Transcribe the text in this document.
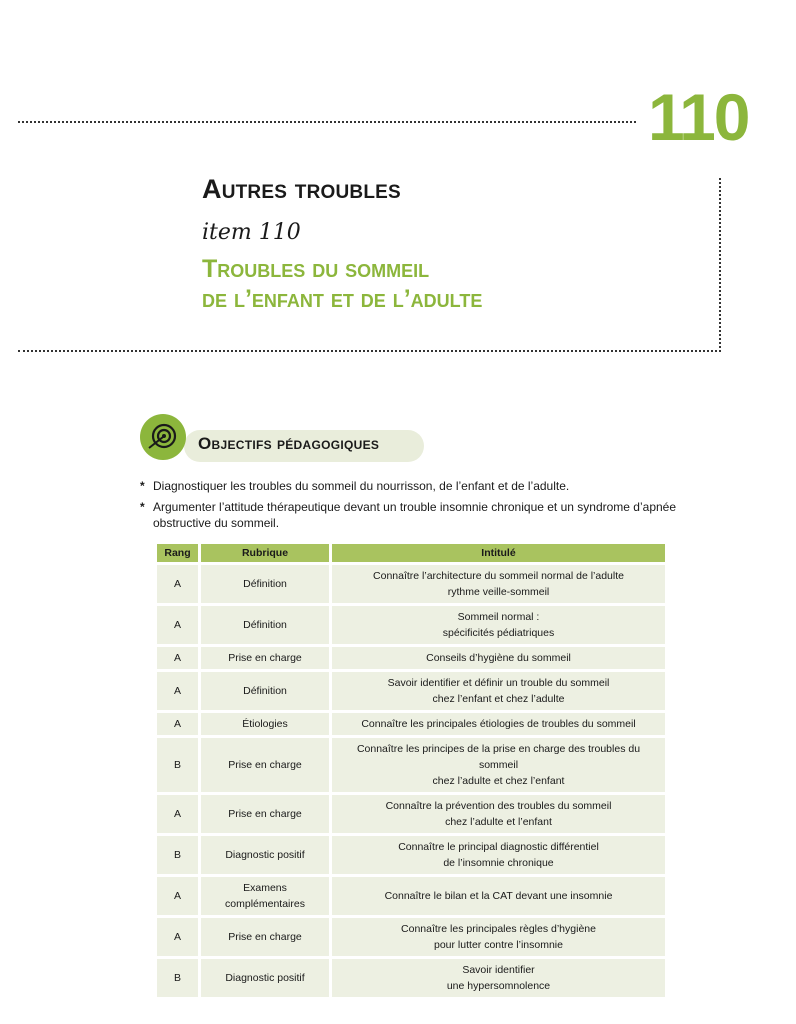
110
Autres troubles
item 110
Troubles du sommeil
de l’enfant et de l’adulte
Objectifs pédagogiques
* Diagnostiquer les troubles du sommeil du nourrisson, de l’enfant et de l’adulte.
* Argumenter l’attitude thérapeutique devant un trouble insomnie chronique et un syndrome d’apnée obstructive du sommeil.
Rang	Rubrique	Intitulé
A	Définition	Connaître l’architecture du sommeil normal de l’adulte
rythme veille-sommeil

A	Définition	Sommeil normal :
spécificités pédiatriques

A	Prise en charge	Conseils d’hygiène du sommeil

A	Définition	Savoir identifier et définir un trouble du sommeil
chez l’enfant et chez l’adulte

A	Étiologies	Connaître les principales étiologies de troubles du sommeil

B	Prise en charge	Connaître les principes de la prise en charge des troubles du sommeil
chez l’adulte et chez l’enfant

A	Prise en charge	Connaître la prévention des troubles du sommeil
chez l’adulte et l’enfant

B	Diagnostic positif	Connaître le principal diagnostic différentiel
de l’insomnie chronique

A	Examens
complémentaires	Connaître le bilan et la CAT devant une insomnie

A	Prise en charge	Connaître les principales règles d’hygiène
pour lutter contre l’insomnie

B	Diagnostic positif	Savoir identifier
une hypersomnolence
